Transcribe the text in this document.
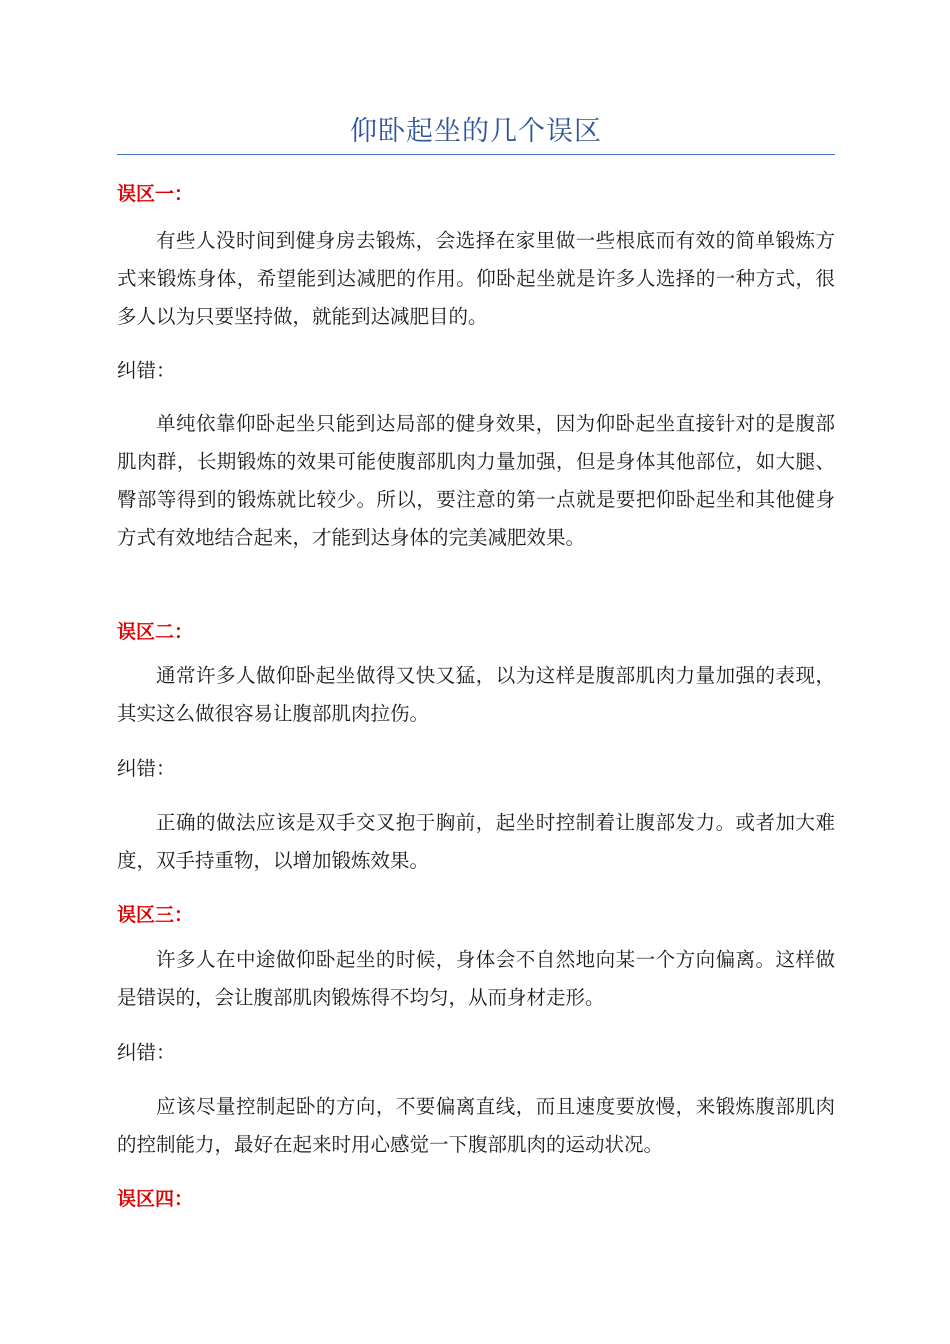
仰卧起坐的几个误区
误区一：
有些人没时间到健身房去锻炼，会选择在家里做一些根底而有效的简单锻炼方式来锻炼身体，希望能到达减肥的作用。仰卧起坐就是许多人选择的一种方式，很多人以为只要坚持做，就能到达减肥目的。
纠错：
单纯依靠仰卧起坐只能到达局部的健身效果，因为仰卧起坐直接针对的是腹部肌肉群，长期锻炼的效果可能使腹部肌肉力量加强，但是身体其他部位，如大腿、臀部等得到的锻炼就比较少。所以，要注意的第一点就是要把仰卧起坐和其他健身方式有效地结合起来，才能到达身体的完美减肥效果。
误区二：
通常许多人做仰卧起坐做得又快又猛，以为这样是腹部肌肉力量加强的表现，其实这么做很容易让腹部肌肉拉伤。
纠错：
正确的做法应该是双手交叉抱于胸前，起坐时控制着让腹部发力。或者加大难度，双手持重物，以增加锻炼效果。
误区三：
许多人在中途做仰卧起坐的时候，身体会不自然地向某一个方向偏离。这样做是错误的，会让腹部肌肉锻炼得不均匀，从而身材走形。
纠错：
应该尽量控制起卧的方向，不要偏离直线，而且速度要放慢，来锻炼腹部肌肉的控制能力，最好在起来时用心感觉一下腹部肌肉的运动状况。
误区四：
